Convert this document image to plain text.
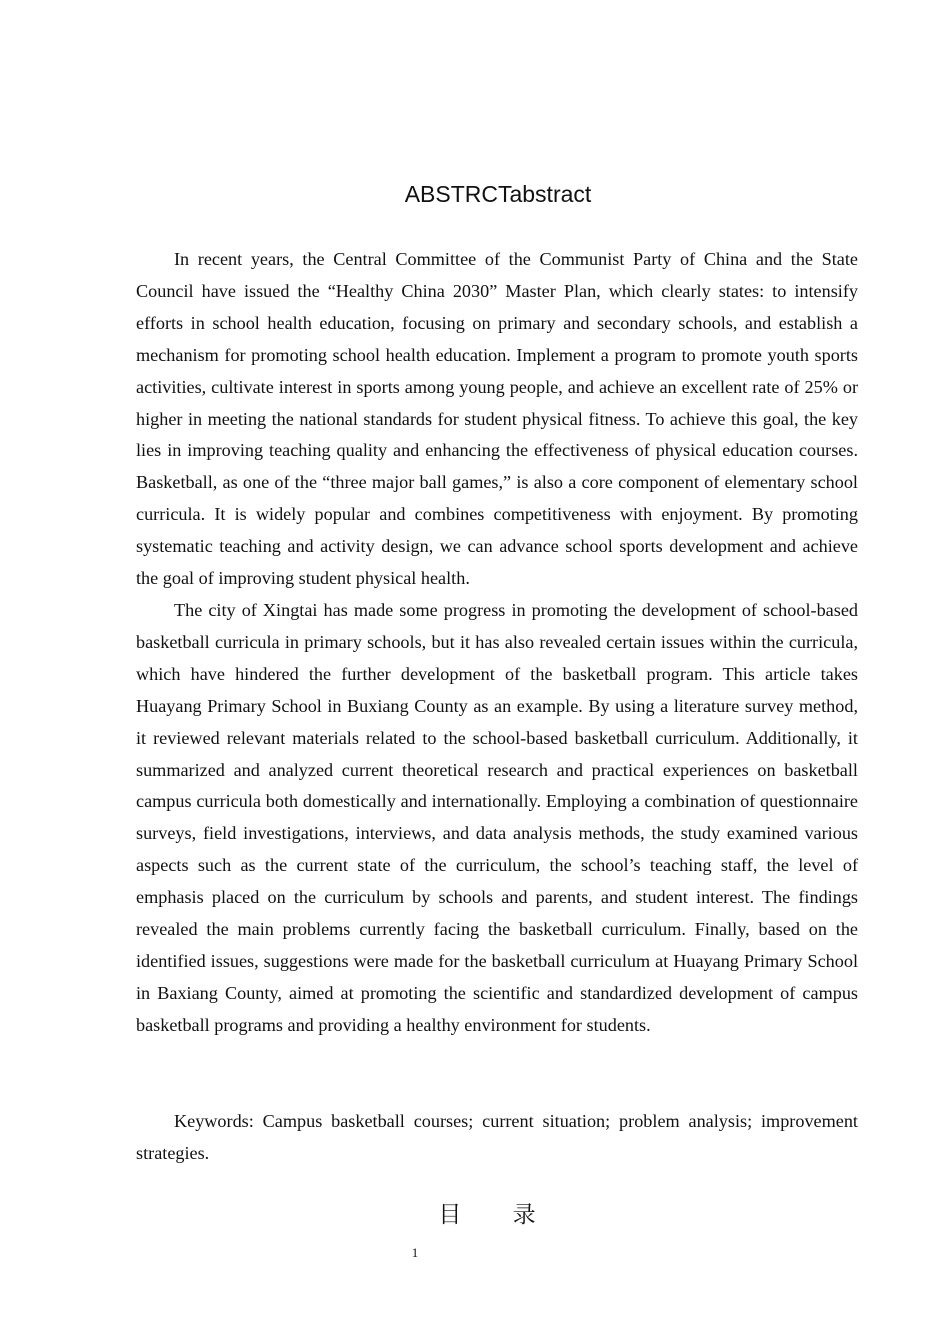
ABSTRCTabstract

In recent years, the Central Committee of the Communist Party of China and the State Council have issued the “Healthy China 2030” Master Plan, which clearly states: to intensify efforts in school health education, focusing on primary and secondary schools, and establish a mechanism for promoting school health education. Implement a program to promote youth sports activities, cultivate interest in sports among young people, and achieve an excellent rate of 25% or higher in meeting the national standards for student physical fitness. To achieve this goal, the key lies in improving teaching quality and enhancing the effectiveness of physical education courses. Basketball, as one of the “three major ball games,” is also a core component of elementary school curricula. It is widely popular and combines competitiveness with enjoyment. By promoting systematic teaching and activity design, we can advance school sports development and achieve the goal of improving student physical health.

The city of Xingtai has made some progress in promoting the development of school-based basketball curricula in primary schools, but it has also revealed certain issues within the curricula, which have hindered the further development of the basketball program. This article takes Huayang Primary School in Buxiang County as an example. By using a literature survey method, it reviewed relevant materials related to the school-based basketball curriculum. Additionally, it summarized and analyzed current theoretical research and practical experiences on basketball campus curricula both domestically and internationally. Employing a combination of questionnaire surveys, field investigations, interviews, and data analysis methods, the study examined various aspects such as the current state of the curriculum, the school’s teaching staff, the level of emphasis placed on the curriculum by schools and parents, and student interest. The findings revealed the main problems currently facing the basketball curriculum. Finally, based on the identified issues, suggestions were made for the basketball curriculum at Huayang Primary School in Baxiang County, aimed at promoting the scientific and standardized development of campus basketball programs and providing a healthy environment for students.

Keywords: Campus basketball courses; current situation; problem analysis; improvement strategies.

目 录
1
